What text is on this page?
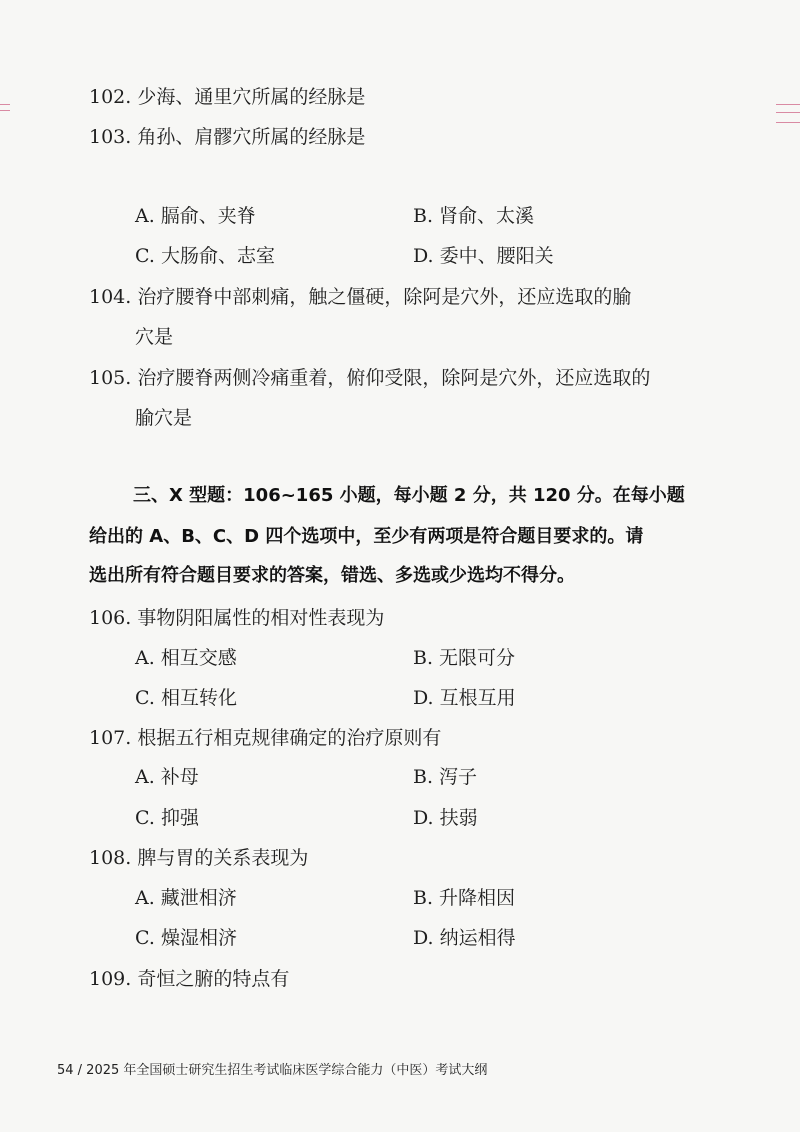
102. 少海、通里穴所属的经脉是
103. 角孙、肩髎穴所属的经脉是
A. 膈俞、夹脊	B. 肾俞、太溪
C. 大肠俞、志室	D. 委中、腰阳关
104. 治疗腰脊中部刺痛，触之僵硬，除阿是穴外，还应选取的腧
穴是
105. 治疗腰脊两侧冷痛重着，俯仰受限，除阿是穴外，还应选取的
腧穴是
三、X 型题：106~165 小题，每小题 2 分，共 120 分。在每小题
给出的 A、B、C、D 四个选项中，至少有两项是符合题目要求的。请
选出所有符合题目要求的答案，错选、多选或少选均不得分。
106. 事物阴阳属性的相对性表现为
A. 相互交感	B. 无限可分
C. 相互转化	D. 互根互用
107. 根据五行相克规律确定的治疗原则有
A. 补母	B. 泻子
C. 抑强	D. 扶弱
108. 脾与胃的关系表现为
A. 藏泄相济	B. 升降相因
C. 燥湿相济	D. 纳运相得
109. 奇恒之腑的特点有
54 / 2025 年全国硕士研究生招生考试临床医学综合能力（中医）考试大纲
